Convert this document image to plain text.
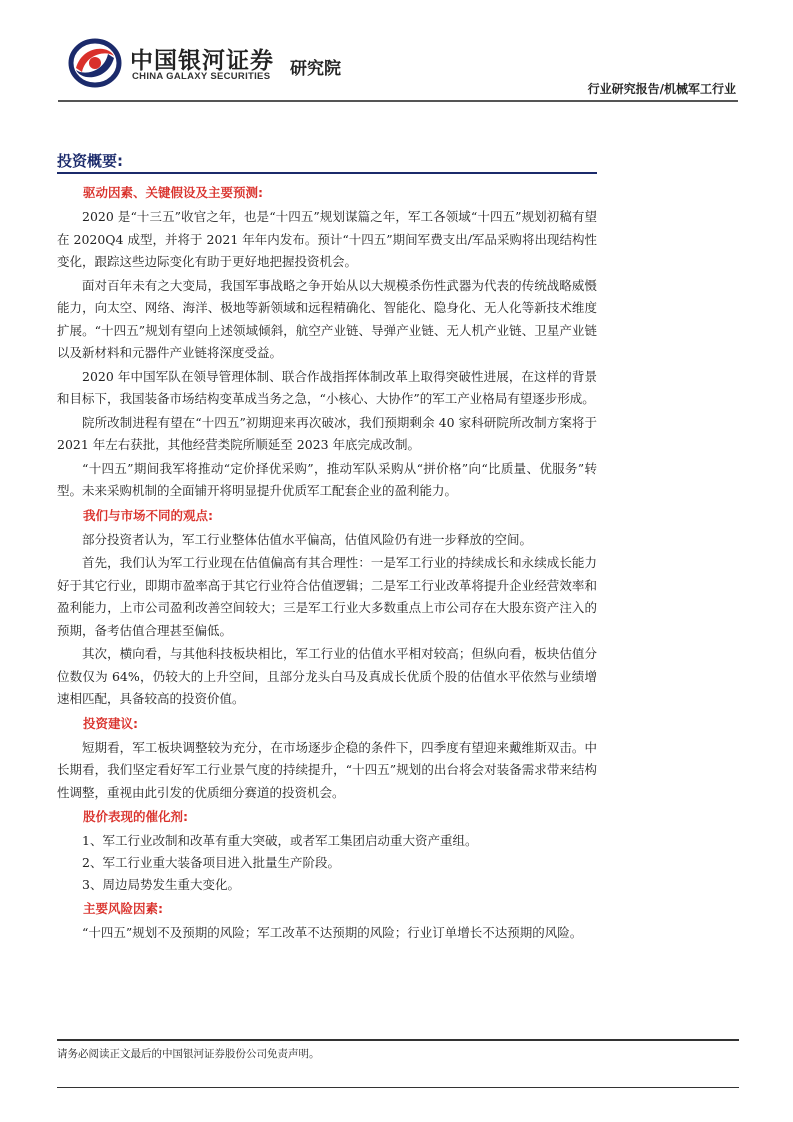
中国银河证券
CHINA GALAXY SECURITIES 研究院
行业研究报告/机械军工行业
投资概要:
驱动因素、关键假设及主要预测:

2020 是“十三五”收官之年，也是“十四五”规划谋篇之年，军工各领域“十四五”规划初稿有望在 2020Q4 成型，并将于 2021 年年内发布。预计“十四五”期间军费支出/军品采购将出现结构性变化，跟踪这些边际变化有助于更好地把握投资机会。

面对百年未有之大变局，我国军事战略之争开始从以大规模杀伤性武器为代表的传统战略威慑能力，向太空、网络、海洋、极地等新领域和远程精确化、智能化、隐身化、无人化等新技术维度扩展。“十四五”规划有望向上述领域倾斜，航空产业链、导弹产业链、无人机产业链、卫星产业链以及新材料和元器件产业链将深度受益。

2020 年中国军队在领导管理体制、联合作战指挥体制改革上取得突破性进展，在这样的背景和目标下，我国装备市场结构变革成当务之急，“小核心、大协作”的军工产业格局有望逐步形成。

院所改制进程有望在“十四五”初期迎来再次破冰，我们预期剩余 40 家科研院所改制方案将于 2021 年左右获批，其他经营类院所顺延至 2023 年底完成改制。

“十四五”期间我军将推动“定价择优采购”，推动军队采购从“拼价格”向“比质量、优服务”转型。未来采购机制的全面铺开将明显提升优质军工配套企业的盈利能力。

我们与市场不同的观点:

部分投资者认为，军工行业整体估值水平偏高，估值风险仍有进一步释放的空间。

首先，我们认为军工行业现在估值偏高有其合理性：一是军工行业的持续成长和永续成长能力好于其它行业，即期市盈率高于其它行业符合估值逻辑；二是军工行业改革将提升企业经营效率和盈利能力，上市公司盈利改善空间较大；三是军工行业大多数重点上市公司存在大股东资产注入的预期，备考估值合理甚至偏低。

其次，横向看，与其他科技板块相比，军工行业的估值水平相对较高；但纵向看，板块估值分位数仅为 64%，仍较大的上升空间，且部分龙头白马及真成长优质个股的估值水平依然与业绩增速相匹配，具备较高的投资价值。

投资建议:

短期看，军工板块调整较为充分，在市场逐步企稳的条件下，四季度有望迎来戴维斯双击。中长期看，我们坚定看好军工行业景气度的持续提升，“十四五”规划的出台将会对装备需求带来结构性调整，重视由此引发的优质细分赛道的投资机会。

股价表现的催化剂:
1、军工行业改制和改革有重大突破，或者军工集团启动重大资产重组。
2、军工行业重大装备项目进入批量生产阶段。
3、周边局势发生重大变化。
主要风险因素:

“十四五”规划不及预期的风险；军工改革不达预期的风险；行业订单增长不达预期的风险。

请务必阅读正文最后的中国银河证券股份公司免责声明。
